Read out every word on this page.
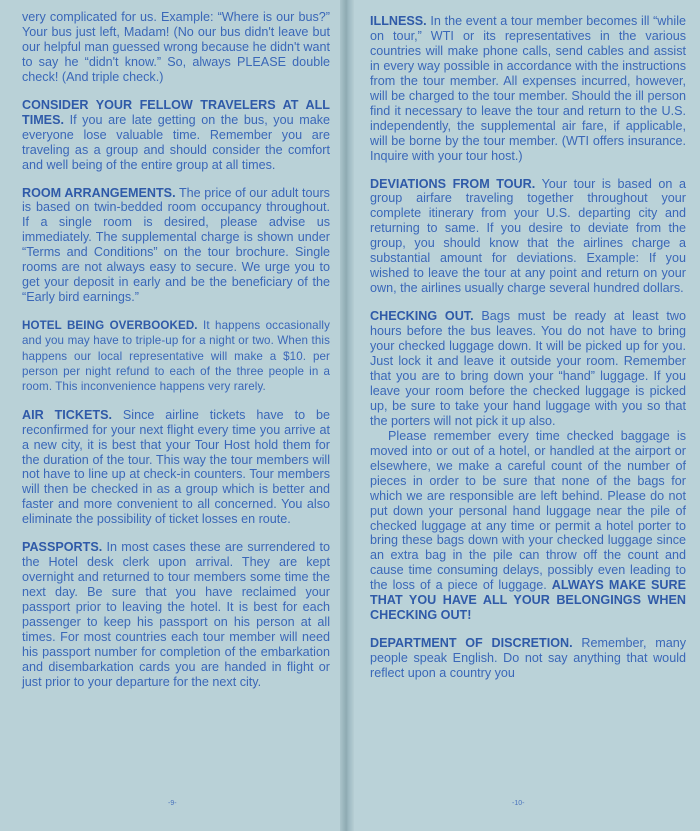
very complicated for us. Example: “Where is our bus?” Your bus just left, Madam! (No our bus didn't leave but our helpful man guessed wrong because he didn't want to say he “didn't know.” So, always PLEASE double check! (And triple check.)

CONSIDER YOUR FELLOW TRAVELERS AT ALL TIMES. If you are late getting on the bus, you make everyone lose valuable time. Remember you are traveling as a group and should consider the comfort and well being of the entire group at all times.

ROOM ARRANGEMENTS. The price of our adult tours is based on twin-bedded room occupancy throughout. If a single room is desired, please advise us immediately. The supplemental charge is shown under “Terms and Conditions” on the tour brochure. Single rooms are not always easy to secure. We urge you to get your deposit in early and be the beneficiary of the “Early bird earnings.”

HOTEL BEING OVERBOOKED. It happens occasionally and you may have to triple-up for a night or two. When this happens our local representative will make a $10. per person per night refund to each of the three people in a room. This inconvenience happens very rarely.

AIR TICKETS. Since airline tickets have to be reconfirmed for your next flight every time you arrive at a new city, it is best that your Tour Host hold them for the duration of the tour. This way the tour members will not have to line up at check-in counters. Tour members will then be checked in as a group which is better and faster and more convenient to all concerned. You also eliminate the possibility of ticket losses en route.

PASSPORTS. In most cases these are surrendered to the Hotel desk clerk upon arrival. They are kept overnight and returned to tour members some time the next day. Be sure that you have reclaimed your passport prior to leaving the hotel. It is best for each passenger to keep his passport on his person at all times. For most countries each tour member will need his passport number for completion of the embarkation and disembarkation cards you are handed in flight or just prior to your departure for the next city.

ILLNESS. In the event a tour member becomes ill “while on tour,” WTI or its representatives in the various countries will make phone calls, send cables and assist in every way possible in accordance with the instructions from the tour member. All expenses incurred, however, will be charged to the tour member. Should the ill person find it necessary to leave the tour and return to the U.S. independently, the supplemental air fare, if applicable, will be borne by the tour member. (WTI offers insurance. Inquire with your tour host.)

DEVIATIONS FROM TOUR. Your tour is based on a group airfare traveling together throughout your complete itinerary from your U.S. departing city and returning to same. If you desire to deviate from the group, you should know that the airlines charge a substantial amount for deviations. Example: If you wished to leave the tour at any point and return on your own, the airlines usually charge several hundred dollars.

CHECKING OUT. Bags must be ready at least two hours before the bus leaves. You do not have to bring your checked luggage down. It will be picked up for you. Just lock it and leave it outside your room. Remember that you are to bring down your “hand” luggage. If you leave your room before the checked luggage is picked up, be sure to take your hand luggage with you so that the porters will not pick it up also.
Please remember every time checked baggage is moved into or out of a hotel, or handled at the airport or elsewhere, we make a careful count of the number of pieces in order to be sure that none of the bags for which we are responsible are left behind. Please do not put down your personal hand luggage near the pile of checked luggage at any time or permit a hotel porter to bring these bags down with your checked luggage since an extra bag in the pile can throw off the count and cause time consuming delays, possibly even leading to the loss of a piece of luggage. ALWAYS MAKE SURE THAT YOU HAVE ALL YOUR BELONGINGS WHEN CHECKING OUT!

DEPARTMENT OF DISCRETION. Remember, many people speak English. Do not say anything that would reflect upon a country you

-9-	-10-
